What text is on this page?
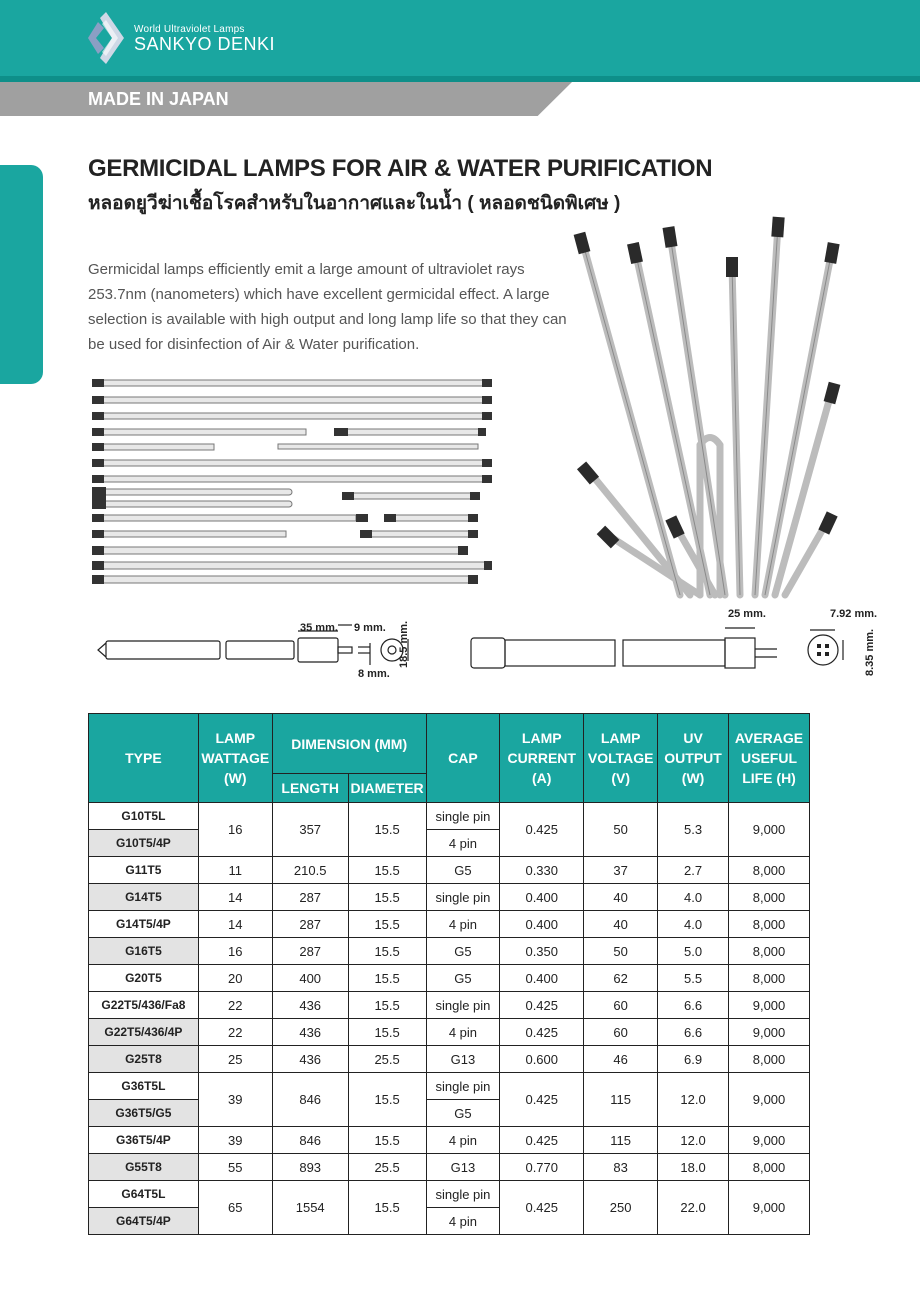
World Ultraviolet Lamps
SANKYO DENKI
MADE IN JAPAN
GERMICIDAL LAMPS FOR AIR & WATER PURIFICATION
หลอดยูวีฆ่าเชื้อโรคสำหรับในอากาศและในน้ำ ( หลอดชนิดพิเศษ )
Germicidal lamps efficiently emit a large amount of ultraviolet rays 253.7nm (nanometers) which have excellent germicidal effect. A large selection is available with high output and long lamp life so that they can be used for disinfection of Air & Water purification.
35 mm. 9 mm.
8 mm.
18.5 mm.
25 mm.	7.92 mm.
8.35 mm.
TYPE	LAMP WATTAGE (W)	DIMENSION (MM)		CAP	LAMP CURRENT (A)	LAMP VOLTAGE (V)	UV OUTPUT (W)	AVERAGE USEFUL LIFE (H)
		LENGTH	DIAMETER					
G10T5L	16	357	15.5	single pin	0.425	50	5.3	9,000
G10T5/4P				4 pin				
G11T5	11	210.5	15.5	G5	0.330	37	2.7	8,000
G14T5	14	287	15.5	single pin	0.400	40	4.0	8,000
G14T5/4P	14	287	15.5	4 pin	0.400	40	4.0	8,000
G16T5	16	287	15.5	G5	0.350	50	5.0	8,000
G20T5	20	400	15.5	G5	0.400	62	5.5	8,000
G22T5/436/Fa8	22	436	15.5	single pin	0.425	60	6.6	9,000
G22T5/436/4P	22	436	15.5	4 pin	0.425	60	6.6	9,000
G25T8	25	436	25.5	G13	0.600	46	6.9	8,000
G36T5L	39	846	15.5	single pin	0.425	115	12.0	9,000
G36T5/G5				G5				
G36T5/4P	39	846	15.5	4 pin	0.425	115	12.0	9,000
G55T8	55	893	25.5	G13	0.770	83	18.0	8,000
G64T5L	65	1554	15.5	single pin	0.425	250	22.0	9,000
G64T5/4P				4 pin				
